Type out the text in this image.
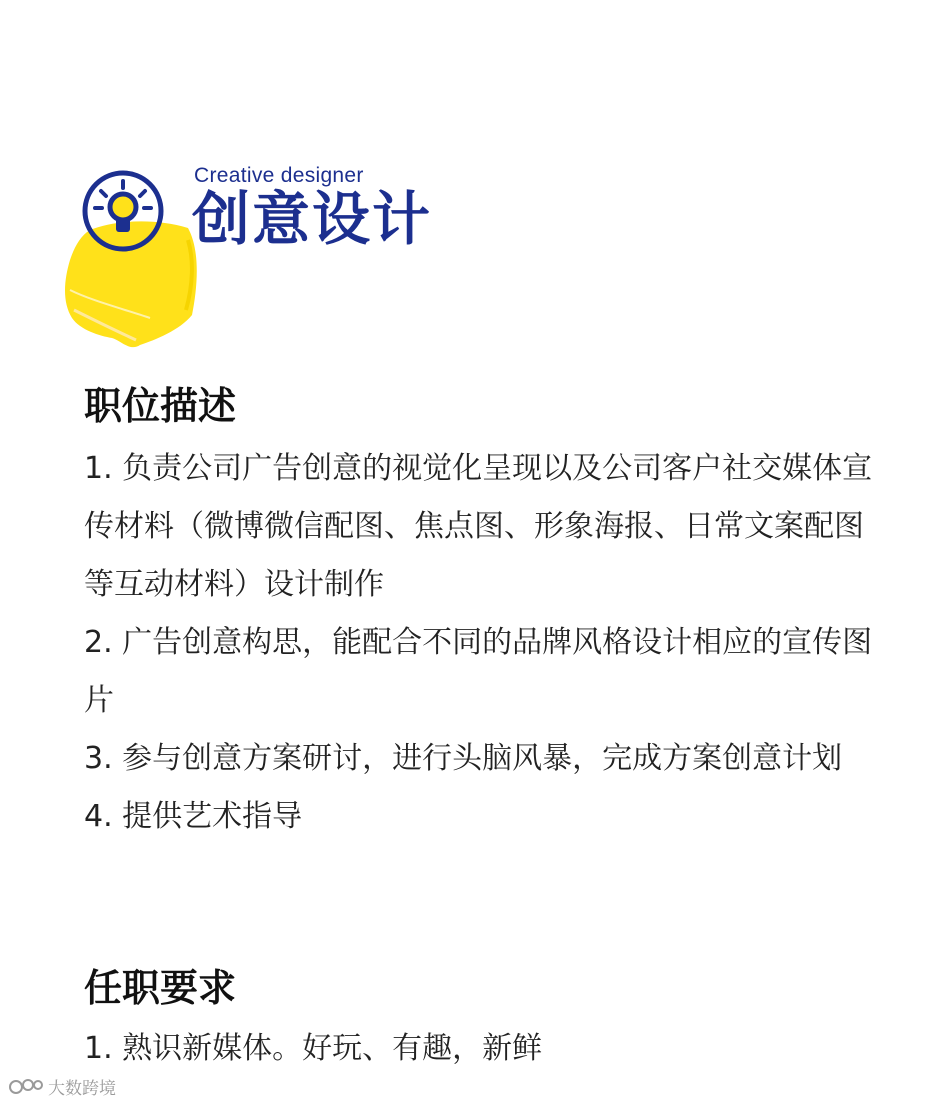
Creative designer
创意设计
职位描述

1. 负责公司广告创意的视觉化呈现以及公司客户社交媒体宣传材料（微博微信配图、焦点图、形象海报、日常文案配图等互动材料）设计制作

2. 广告创意构思，能配合不同的品牌风格设计相应的宣传图片

3. 参与创意方案研讨，进行头脑风暴，完成方案创意计划

4. 提供艺术指导

任职要求

1. 熟识新媒体。好玩、有趣，新鲜

大数跨境
